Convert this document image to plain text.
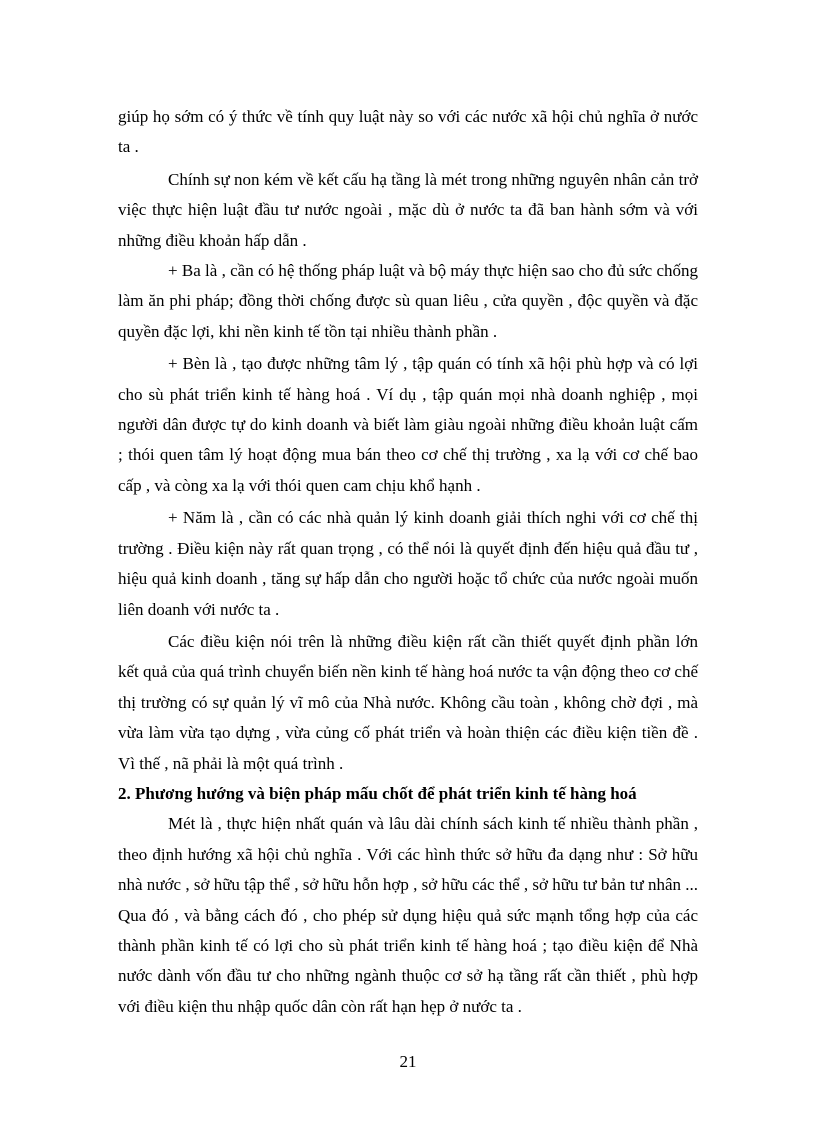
giúp họ sớm có ý thức về tính quy luật này so với các nước xã hội chủ nghĩa ở nước ta .

Chính sự non kém về kết cấu hạ tầng là mét trong những nguyên nhân cản trở việc thực hiện luật đầu tư nước ngoài , mặc dù ở nước ta đã ban hành sớm và với những điều khoản hấp dẫn .

+ Ba là , cần có hệ thống pháp luật và bộ máy thực hiện sao cho đủ sức chống làm ăn phi pháp; đồng thời chống được sù quan liêu , cửa quyền , độc quyền và đặc quyền đặc lợi, khi nền kinh tế tồn tại nhiều thành phần .

+ Bèn là , tạo được những tâm lý , tập quán có tính xã hội phù hợp và có lợi cho sù phát triển kinh tế hàng hoá . Ví dụ , tập quán mọi nhà doanh nghiệp , mọi người dân được tự do kinh doanh và biết làm giàu ngoài những điều khoản luật cấm ; thói quen tâm lý hoạt động mua bán theo cơ chế thị trường , xa lạ với cơ chế bao cấp , và còng xa lạ với thói quen cam chịu khổ hạnh .

+ Năm là , cần có các nhà quản lý kinh doanh giải thích nghi với cơ chế thị trường . Điều kiện này rất quan trọng , có thể nói là quyết định đến hiệu quả đầu tư , hiệu quả kinh doanh , tăng sự hấp dẫn cho người hoặc tổ chức của nước ngoài muốn liên doanh với nước ta .

Các điều kiện nói trên là những điều kiện rất cần thiết quyết định phần lớn kết quả của quá trình chuyển biến nền kinh tế hàng hoá nước ta vận động theo cơ chế thị trường có sự quản lý vĩ mô của Nhà nước. Không cầu toàn , không chờ đợi , mà vừa làm vừa tạo dựng , vừa củng cố phát triển và hoàn thiện các điều kiện tiền đề . Vì thế , nã phải là một quá trình .

2. Phương hướng và biện pháp mấu chốt để phát triển kinh tế hàng hoá

Mét là , thực hiện nhất quán và lâu dài chính sách kinh tế nhiều thành phần , theo định hướng xã hội chủ nghĩa . Với các hình thức sở hữu đa dạng như : Sở hữu nhà nước , sở hữu tập thể , sở hữu hỗn hợp , sở hữu các thể , sở hữu tư bản tư nhân ... Qua đó , và bằng cách đó , cho phép sử dụng hiệu quả sức mạnh tổng hợp của các thành phần kinh tế có lợi cho sù phát triển kinh tế hàng hoá ; tạo điều kiện để Nhà nước dành vốn đầu tư cho những ngành thuộc cơ sở hạ tầng rất cần thiết , phù hợp với điều kiện thu nhập quốc dân còn rất hạn hẹp ở nước ta .

21
